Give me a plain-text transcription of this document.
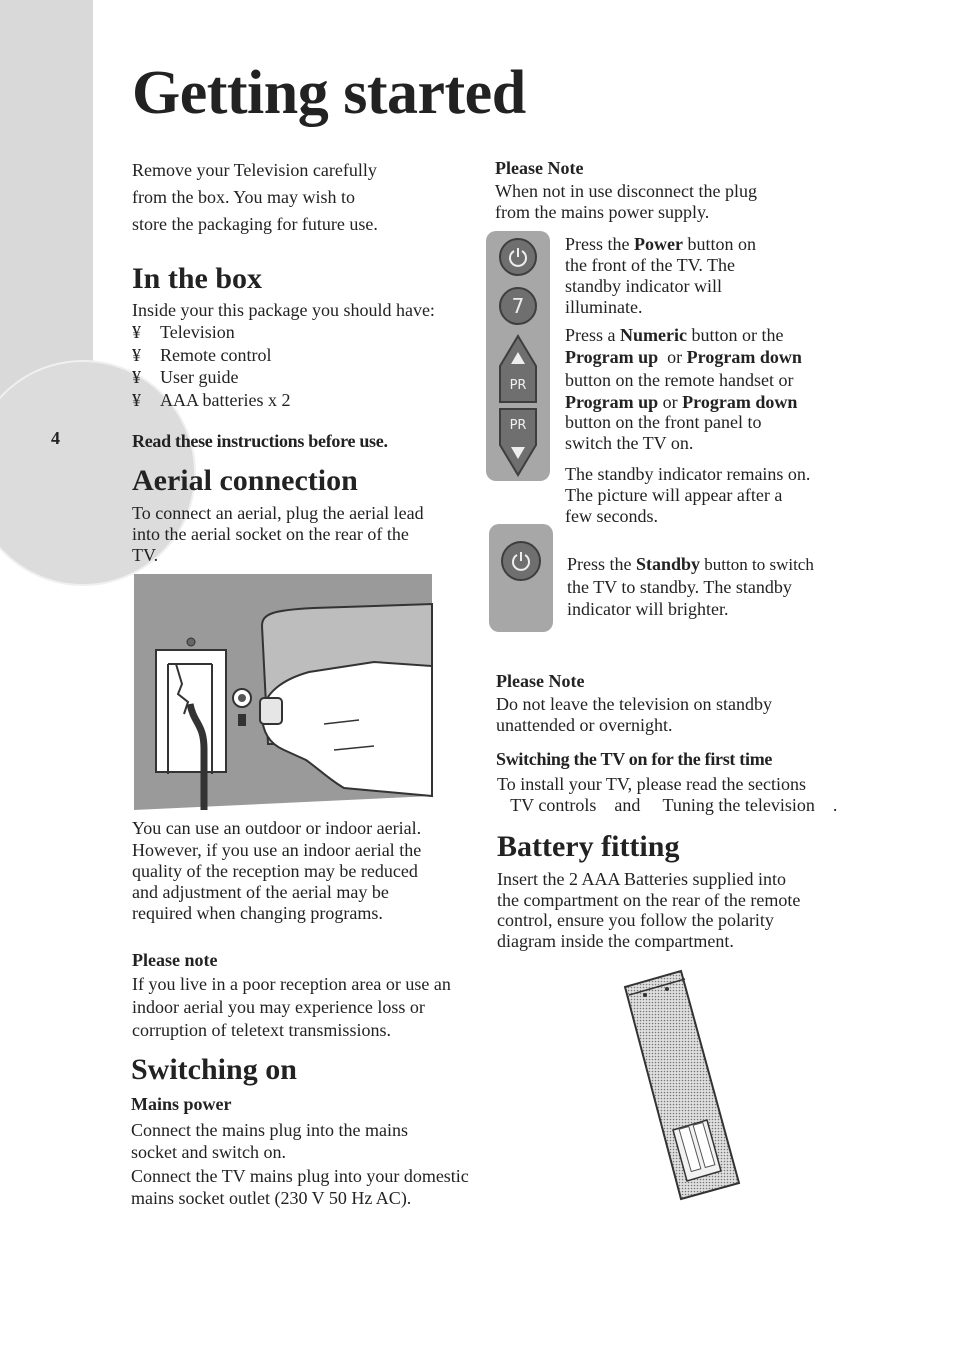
4
Getting started

Remove your Television carefully

from the box. You may wish to

store the packaging for future use.

In the box

Inside your this package you should have:

¥ Television
¥ Remote control
¥ User guide
¥ AAA batteries x 2

Read these instructions before use.

Aerial connection

To connect an aerial, plug the aerial lead

into the aerial socket on the rear of the

TV.

You can use an outdoor or indoor aerial.

However, if you use an indoor aerial the

quality of the reception may be reduced

and adjustment of the aerial may be

required when changing programs.

Please note

If you live in a poor reception area or use an

indoor aerial you may experience loss or

corruption of teletext transmissions.

Switching on

Mains power

Connect the mains plug into the mains

socket and switch on.

Connect the TV mains plug into your domestic

mains socket outlet (230 V 50 Hz AC).

Please Note

When not in use disconnect the plug

from the mains power supply.

7
PR
PR

Press the Power button on

the front of the TV. The

standby indicator will

illuminate.

Press a Numeric button or the

Program up  or Program down

button on the remote handset or

Program up or Program down

button on the front panel to

switch the TV on.

The standby indicator remains on.

The picture will appear after a

few seconds.

Press the Standby button to switch

the TV to standby. The standby

indicator will brighter.

Please Note

Do not leave the television on standby

unattended or overnight.

Switching the TV on for the first time

To install your TV, please read the sections

TV controls    and     Tuning the television    .

Battery fitting

Insert the 2 AAA Batteries supplied into

the compartment on the rear of the remote

control, ensure you follow the polarity

diagram inside the compartment.
